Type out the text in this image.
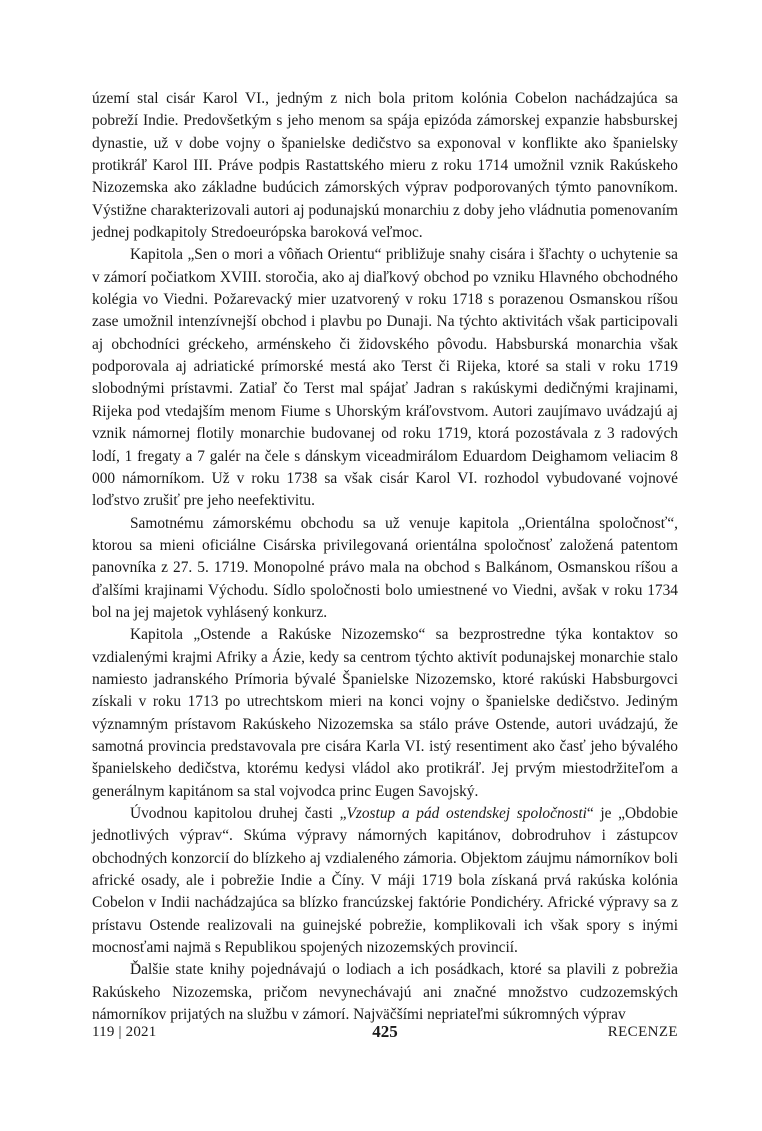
území stal cisár Karol VI., jedným z nich bola pritom kolónia Cobelon nachádzajúca sa pobreží Indie. Predovšetkým s jeho menom sa spája epizóda zámorskej expanzie habsburskej dynastie, už v dobe vojny o španielske dedičstvo sa exponoval v konflikte ako španielsky protikráľ Karol III. Práve podpis Rastattského mieru z roku 1714 umožnil vznik Rakúskeho Nizozemska ako základne budúcich zámorských výprav podporovaných týmto panovníkom. Výstižne charakterizovali autori aj podunajskú monarchiu z doby jeho vládnutia pomenovaním jednej podkapitoly Stredoeurópska baroková veľmoc.

Kapitola „Sen o mori a vôňach Orientu“ približuje snahy cisára i šľachty o uchytenie sa v zámorí počiatkom XVIII. storočia, ako aj diaľkový obchod po vzniku Hlavného obchodného kolégia vo Viedni. Požarevacký mier uzatvorený v roku 1718 s porazenou Osmanskou ríšou zase umožnil intenzívnejší obchod i plavbu po Dunaji. Na týchto aktivitách však participovali aj obchodníci gréckeho, arménskeho či židovského pôvodu. Habsburská monarchia však podporovala aj adriatické prímorské mestá ako Terst či Rijeka, ktoré sa stali v roku 1719 slobodnými prístavmi. Zatiaľ čo Terst mal spájať Jadran s rakúskymi dedičnými krajinami, Rijeka pod vtedajším menom Fiume s Uhorským kráľovstvom. Autori zaujímavo uvádzajú aj vznik námornej flotily monarchie budovanej od roku 1719, ktorá pozostávala z 3 radových lodí, 1 fregaty a 7 galér na čele s dánskym viceadmirálom Eduardom Deighamom veliacim 8 000 námorníkom. Už v roku 1738 sa však cisár Karol VI. rozhodol vybudované vojnové loďstvo zrušiť pre jeho neefektivitu.

Samotnému zámorskému obchodu sa už venuje kapitola „Orientálna spoločnosť“, ktorou sa mieni oficiálne Cisárska privilegovaná orientálna spoločnosť založená patentom panovníka z 27. 5. 1719. Monopolné právo mala na obchod s Balkánom, Osmanskou ríšou a ďalšími krajinami Východu. Sídlo spoločnosti bolo umiestnené vo Viedni, avšak v roku 1734 bol na jej majetok vyhlásený konkurz.

Kapitola „Ostende a Rakúske Nizozemsko“ sa bezprostredne týka kontaktov so vzdialenými krajmi Afriky a Ázie, kedy sa centrom týchto aktivít podunajskej monarchie stalo namiesto jadranského Prímoria bývalé Španielske Nizozemsko, ktoré rakúski Habsburgovci získali v roku 1713 po utrechtskom mieri na konci vojny o španielske dedičstvo. Jediným významným prístavom Rakúskeho Nizozemska sa stálo práve Ostende, autori uvádzajú, že samotná provincia predstavovala pre cisára Karla VI. istý resentiment ako časť jeho bývalého španielskeho dedičstva, ktorému kedysi vládol ako protikráľ. Jej prvým miestodržiteľom a generálnym kapitánom sa stal vojvodca princ Eugen Savojský.

Úvodnou kapitolou druhej časti „Vzostup a pád ostendskej spoločnosti“ je „Obdobie jednotlivých výprav“. Skúma výpravy námorných kapitánov, dobrodruhov i zástupcov obchodných konzorcií do blízkeho aj vzdialeného zámoria. Objektom záujmu námorníkov boli africké osady, ale i pobrežie Indie a Číny. V máji 1719 bola získaná prvá rakúska kolónia Cobelon v Indii nachádzajúca sa blízko francúzskej faktórie Pondichéry. Africké výpravy sa z prístavu Ostende realizovali na guinejské pobrežie, komplikovali ich však spory s inými mocnosťami najmä s Republikou spojených nizozemských provincií.

Ďalšie state knihy pojednávajú o lodiach a ich posádkach, ktoré sa plavili z pobrežia Rakúskeho Nizozemska, pričom nevynechávajú ani značné množstvo cudzozemských námorníkov prijatých na službu v zámorí. Najväčšími nepriateľmi súkromných výprav

119 | 2021	425	RECENZE
